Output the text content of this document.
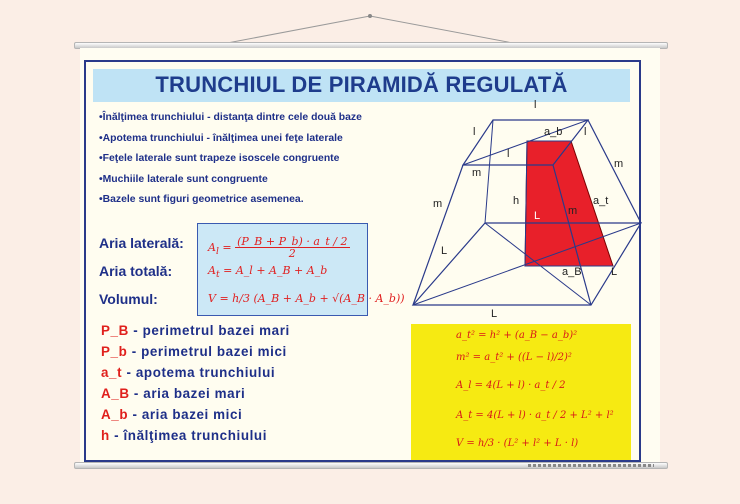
TRUNCHIUL DE PIRAMIDĂ REGULATĂ
• Înălţimea trunchiului - distanţa dintre cele două baze
• Apotema trunchiului - înălţimea unei feţe laterale
• Feţele laterale sunt trapeze isoscele congruente
• Muchiile laterale sunt congruente
• Bazele sunt figuri geometrice asemenea.
Aria laterală:
Aria totală:
Volumul:
$A_l = \frac{(P\_B + P\_b) \cdot a\_t / 2}{2}$
$A_t$ = A_l + A_B + A_b
V = h/3 (A_B + A_b + √(A_B · A_b))
P_B - perimetrul bazei mari
P_b - perimetrul bazei mici
a_t - apotema trunchiului
A_B - aria bazei mari
A_b - aria bazei mici
h - înălţimea trunchiului
l
l	l
l
a_b
m
m
m
m
h
L
a_t
L
a_B	L
L
a_t² = h² + (a_B − a_b)²
m² = a_t² + ((L − l)/2)²
A_l = 4(L + l) · a_t / 2
A_t = 4(L + l) · a_t / 2 + L² + l²
V = h/3 · (L² + l² + L · l)
